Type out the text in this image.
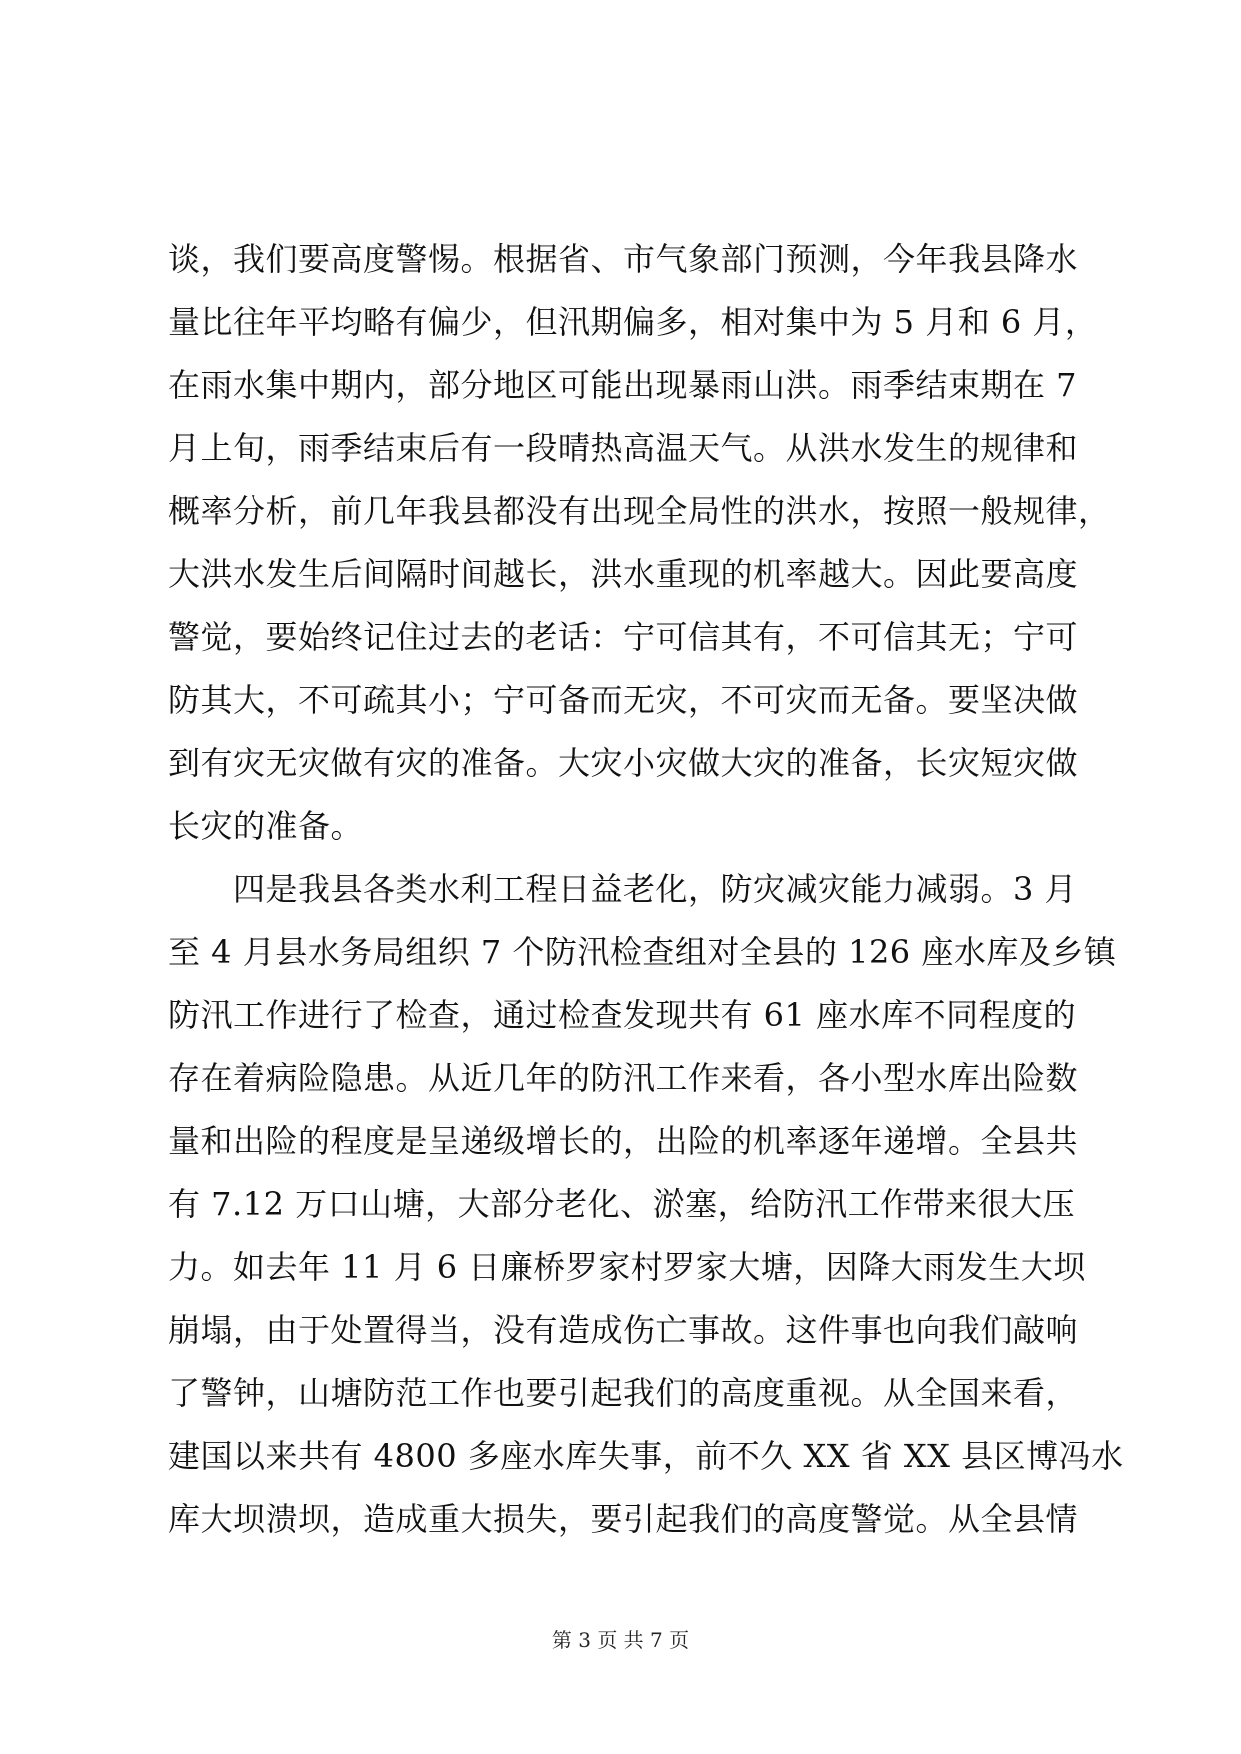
谈，我们要高度警惕。根据省、市气象部门预测，今年我县降水
量比往年平均略有偏少，但汛期偏多，相对集中为 5 月和 6 月，
在雨水集中期内，部分地区可能出现暴雨山洪。雨季结束期在 7
月上旬，雨季结束后有一段晴热高温天气。从洪水发生的规律和
概率分析，前几年我县都没有出现全局性的洪水，按照一般规律，
大洪水发生后间隔时间越长，洪水重现的机率越大。因此要高度
警觉，要始终记住过去的老话：宁可信其有，不可信其无；宁可
防其大，不可疏其小；宁可备而无灾，不可灾而无备。要坚决做
到有灾无灾做有灾的准备。大灾小灾做大灾的准备，长灾短灾做
长灾的准备。
　　四是我县各类水利工程日益老化，防灾减灾能力减弱。3 月
至 4 月县水务局组织 7 个防汛检查组对全县的 126 座水库及乡镇
防汛工作进行了检查，通过检查发现共有 61 座水库不同程度的
存在着病险隐患。从近几年的防汛工作来看，各小型水库出险数
量和出险的程度是呈递级增长的，出险的机率逐年递增。全县共
有 7.12 万口山塘，大部分老化、淤塞，给防汛工作带来很大压
力。如去年 11 月 6 日廉桥罗家村罗家大塘，因降大雨发生大坝
崩塌，由于处置得当，没有造成伤亡事故。这件事也向我们敲响
了警钟，山塘防范工作也要引起我们的高度重视。从全国来看，
建国以来共有 4800 多座水库失事，前不久 XX 省 XX 县区博冯水
库大坝溃坝，造成重大损失，要引起我们的高度警觉。从全县情
第 3 页 共 7 页
